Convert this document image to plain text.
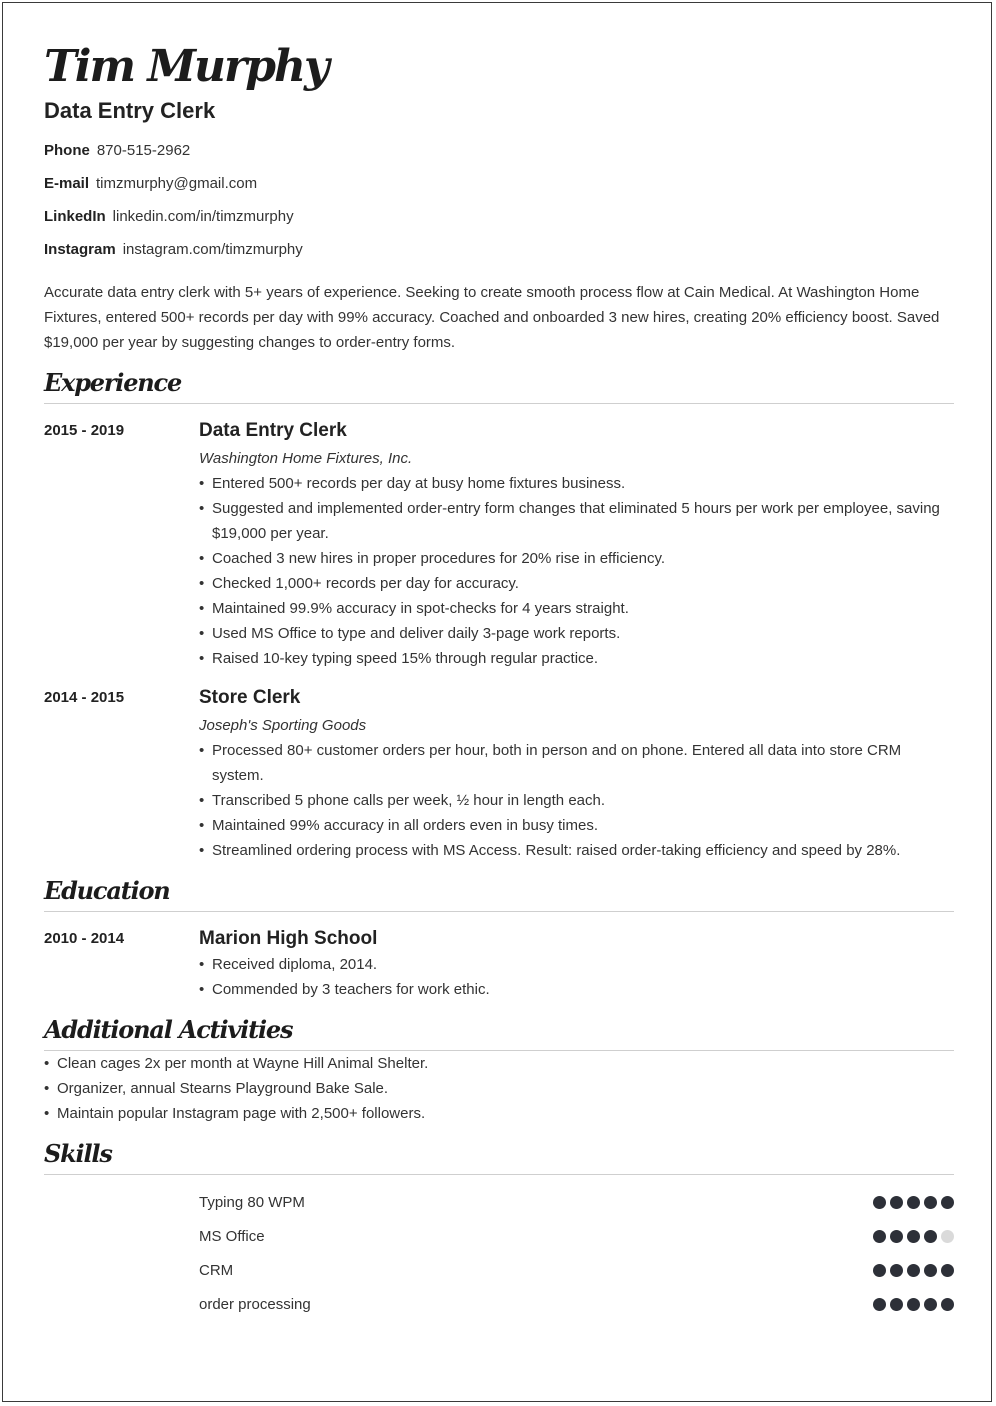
Tim Murphy
Data Entry Clerk
Phone 870-515-2962
E-mail timzmurphy@gmail.com
LinkedIn linkedin.com/in/timzmurphy
Instagram instagram.com/timzmurphy
Accurate data entry clerk with 5+ years of experience. Seeking to create smooth process flow at Cain Medical. At Washington Home Fixtures, entered 500+ records per day with 99% accuracy. Coached and onboarded 3 new hires, creating 20% efficiency boost. Saved $19,000 per year by suggesting changes to order-entry forms.
Experience
2015 - 2019	Data Entry Clerk
Washington Home Fixtures, Inc.
• Entered 500+ records per day at busy home fixtures business.
• Suggested and implemented order-entry form changes that eliminated 5 hours per work per employee, saving $19,000 per year.
• Coached 3 new hires in proper procedures for 20% rise in efficiency.
• Checked 1,000+ records per day for accuracy.
• Maintained 99.9% accuracy in spot-checks for 4 years straight.
• Used MS Office to type and deliver daily 3-page work reports.
• Raised 10-key typing speed 15% through regular practice.
2014 - 2015	Store Clerk
Joseph's Sporting Goods
• Processed 80+ customer orders per hour, both in person and on phone. Entered all data into store CRM system.
• Transcribed 5 phone calls per week, ½ hour in length each.
• Maintained 99% accuracy in all orders even in busy times.
• Streamlined ordering process with MS Access. Result: raised order-taking efficiency and speed by 28%.
Education
2010 - 2014	Marion High School
• Received diploma, 2014.
• Commended by 3 teachers for work ethic.
Additional Activities
• Clean cages 2x per month at Wayne Hill Animal Shelter.
• Organizer, annual Stearns Playground Bake Sale.
• Maintain popular Instagram page with 2,500+ followers.
Skills
Typing 80 WPM
MS Office
CRM
order processing
